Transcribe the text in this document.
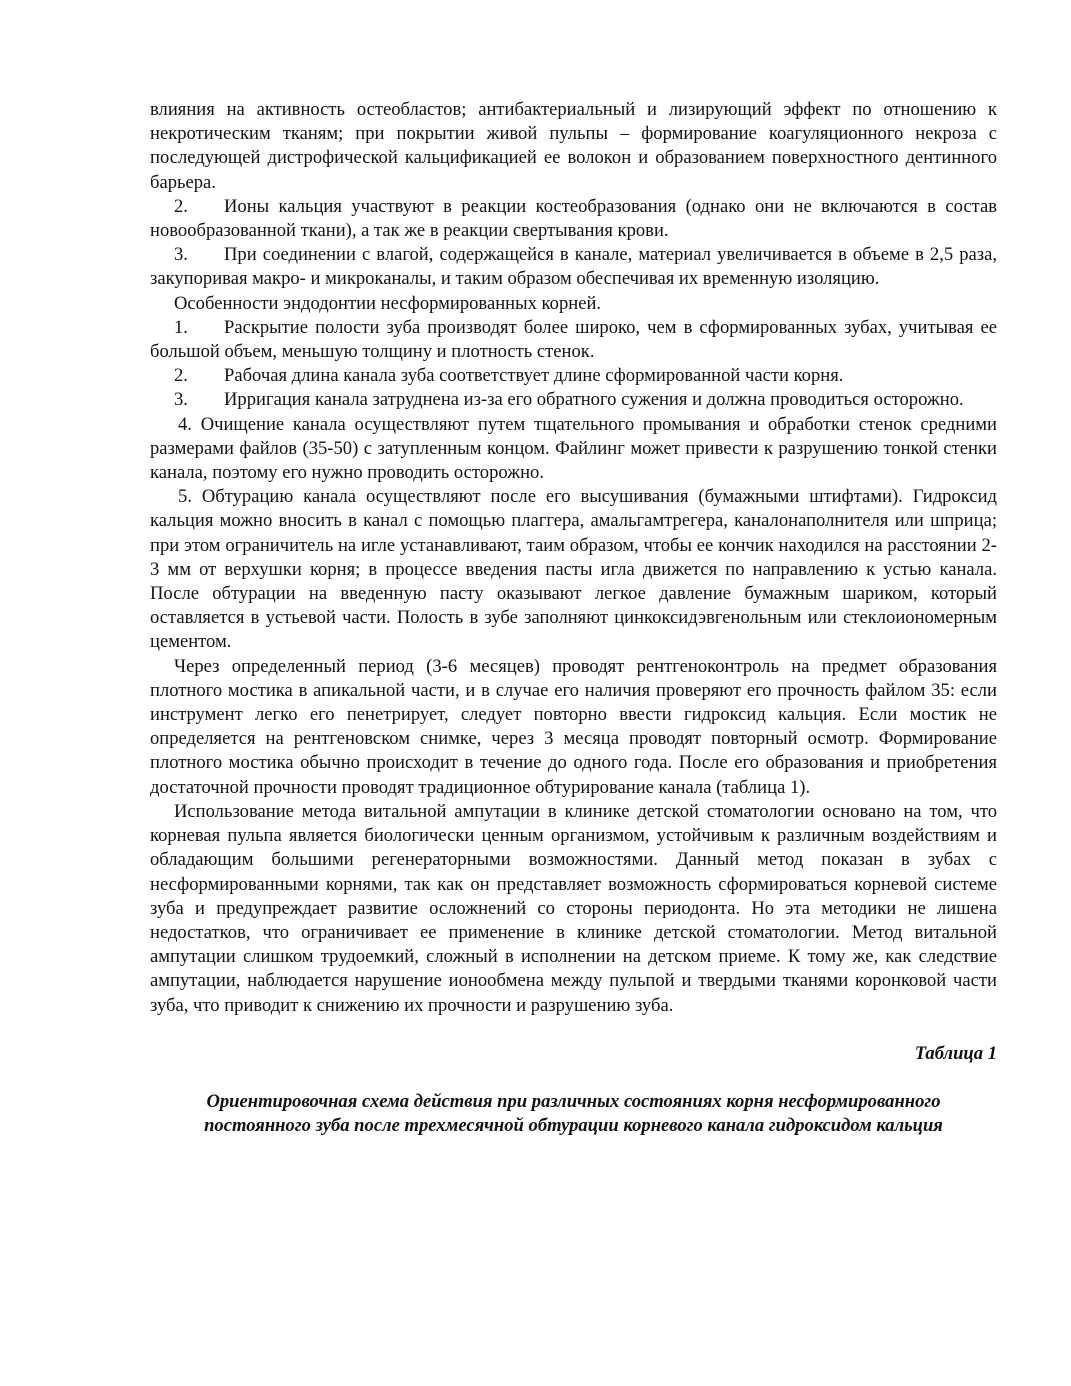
влияния на активность остеобластов; антибактериальный и лизирующий эффект по отношению к некротическим тканям; при покрытии живой пульпы – формирование коагуляционного некроза с последующей дистрофической кальцификацией ее волокон и образованием поверхностного дентинного барьера.

2. Ионы кальция участвуют в реакции костеобразования (однако они не включаются в состав новообразованной ткани), а так же в реакции свертывания крови.

3. При соединении с влагой, содержащейся в канале, материал увеличивается в объеме в 2,5 раза, закупоривая макро- и микроканалы, и таким образом обеспечивая их временную изоляцию.

Особенности эндодонтии несформированных корней.

1. Раскрытие полости зуба производят более широко, чем в сформированных зубах, учитывая ее большой объем, меньшую толщину и плотность стенок.

2. Рабочая длина канала зуба соответствует длине сформированной части корня.

3. Ирригация канала затруднена из-за его обратного сужения и должна проводиться осторожно.

4. Очищение канала осуществляют путем тщательного промывания и обработки стенок средними размерами файлов (35-50) с затупленным концом. Файлинг может привести к разрушению тонкой стенки канала, поэтому его нужно проводить осторожно.

5. Обтурацию канала осуществляют после его высушивания (бумажными штифтами). Гидроксид кальция можно вносить в канал с помощью плаггера, амальгамтрегера, каналонаполнителя или шприца; при этом ограничитель на игле устанавливают, таим образом, чтобы ее кончик находился на расстоянии 2-3 мм от верхушки корня; в процессе введения пасты игла движется по направлению к устью канала. После обтурации на введенную пасту оказывают легкое давление бумажным шариком, который оставляется в устьевой части. Полость в зубе заполняют цинкоксидэвгенольным или стеклоиономерным цементом.

Через определенный период (3-6 месяцев) проводят рентгеноконтроль на предмет образования плотного мостика в апикальной части, и в случае его наличия проверяют его прочность файлом 35: если инструмент легко его пенетрирует, следует повторно ввести гидроксид кальция. Если мостик не определяется на рентгеновском снимке, через 3 месяца проводят повторный осмотр. Формирование плотного мостика обычно происходит в течение до одного года. После его образования и приобретения достаточной прочности проводят традиционное обтурирование канала (таблица 1).

Использование метода витальной ампутации в клинике детской стоматологии основано на том, что корневая пульпа является биологически ценным организмом, устойчивым к различным воздействиям и обладающим большими регенераторными возможностями. Данный метод показан в зубах с несформированными корнями, так как он представляет возможность сформироваться корневой системе зуба и предупреждает развитие осложнений со стороны периодонта. Но эта методики не лишена недостатков, что ограничивает ее применение в клинике детской стоматологии. Метод витальной ампутации слишком трудоемкий, сложный в исполнении на детском приеме. К тому же, как следствие ампутации, наблюдается нарушение ионообмена между пульпой и твердыми тканями коронковой части зуба, что приводит к снижению их прочности и разрушению зуба.

Таблица 1

Ориентировочная схема действия при различных состояниях корня несформированного

постоянного зуба после трехмесячной обтурации корневого канала гидроксидом кальция
